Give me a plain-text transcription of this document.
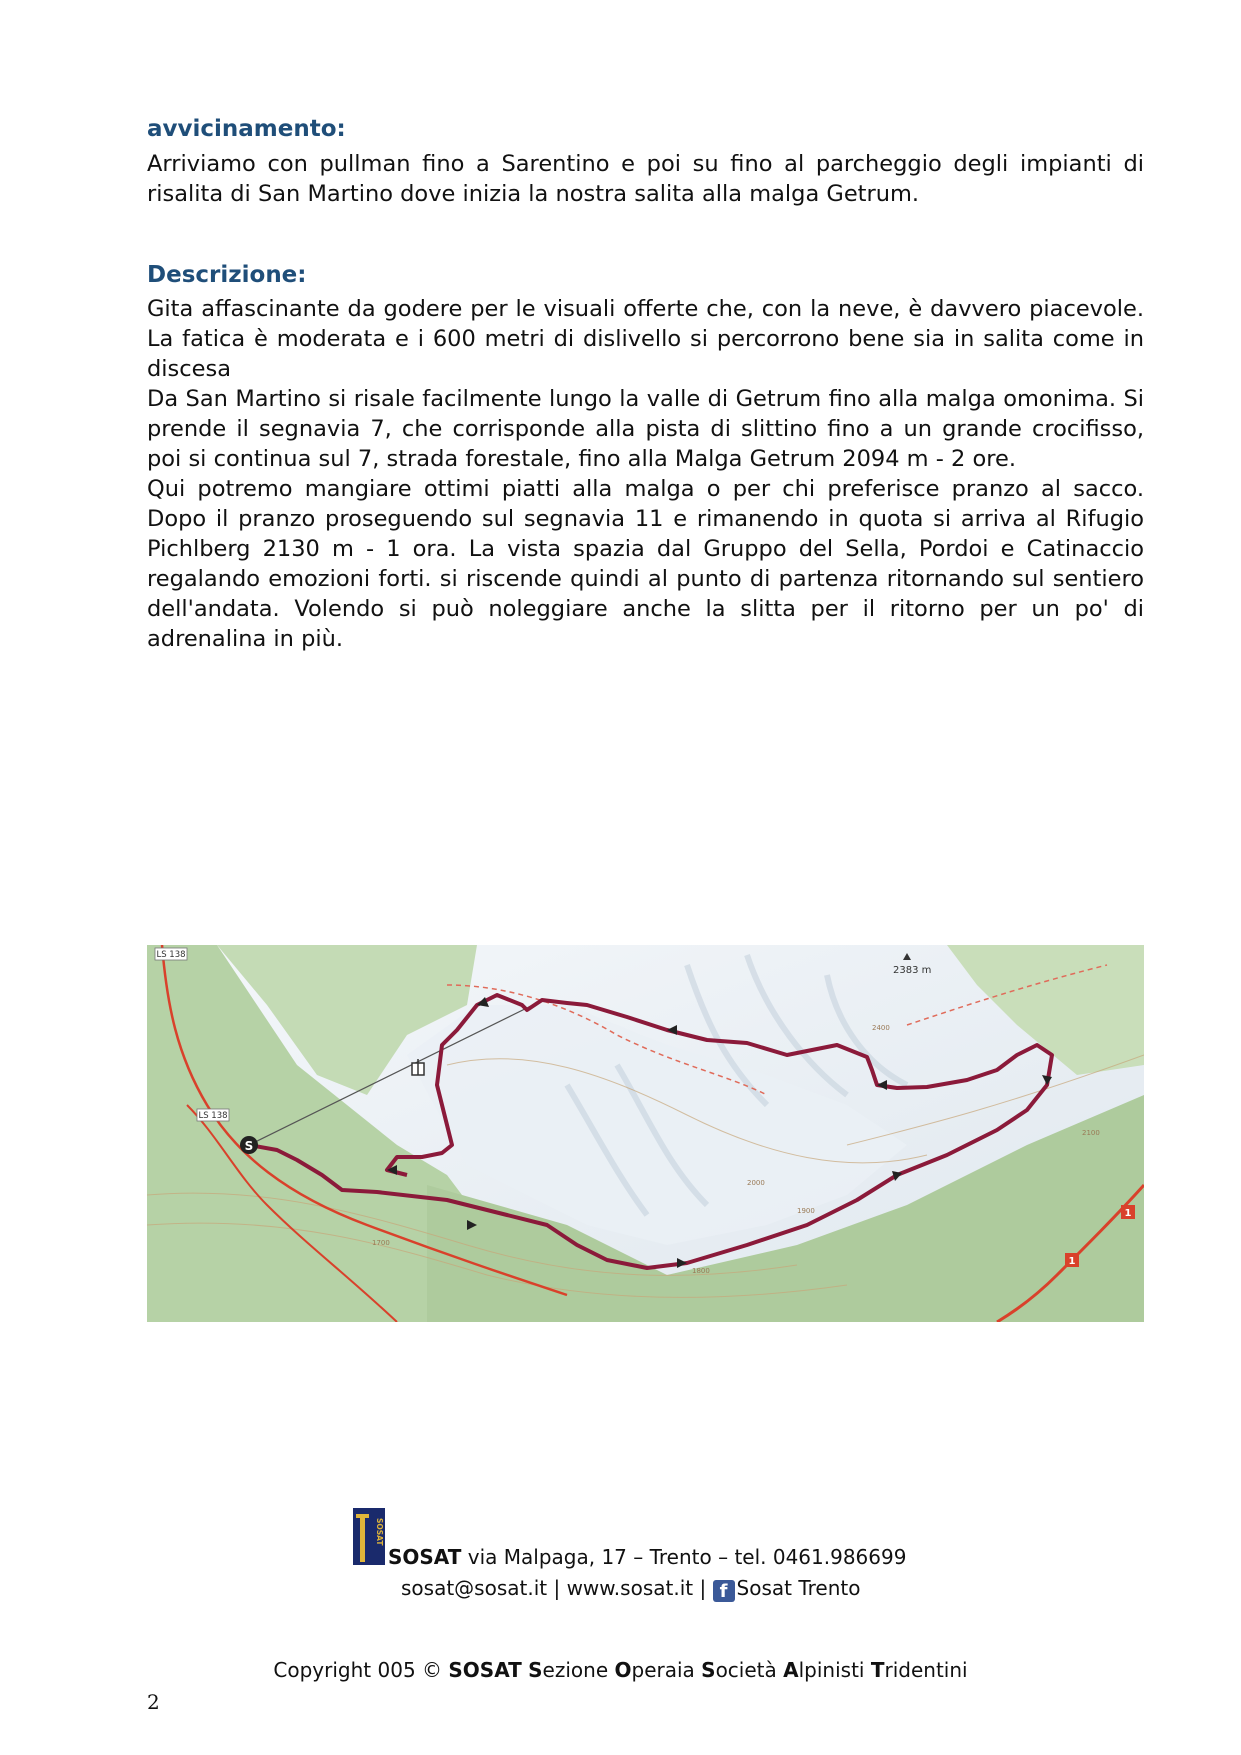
avvicinamento:

Arriviamo con pullman fino a Sarentino e poi su fino al parcheggio degli impianti di risalita di San Martino dove inizia la nostra salita alla malga Getrum.

Descrizione:

Gita affascinante da godere per le visuali offerte che, con la neve, è davvero piacevole. La fatica è moderata e i 600 metri di dislivello si percorrono bene sia in salita come in discesa

Da San Martino si risale facilmente lungo la valle di Getrum fino alla malga omonima. Si prende il segnavia 7, che corrisponde alla pista di slittino fino a un grande crocifisso, poi si continua sul 7, strada forestale, fino alla Malga Getrum 2094 m - 2 ore.

Qui potremo mangiare ottimi piatti alla malga o per chi preferisce pranzo al sacco. Dopo il pranzo proseguendo sul segnavia 11 e rimanendo in quota si arriva al Rifugio Pichlberg 2130 m - 1 ora. La vista spazia dal Gruppo del Sella, Pordoi e Catinaccio regalando emozioni forti. si riscende quindi al punto di partenza ritornando sul sentiero dell'andata. Volendo si può noleggiare anche la slitta per il ritorno per un po' di adrenalina in più.

S
2383 m
LS 138
LS 138
1
1
1700
1900
2000
2100
2400
1800
SOSAT
SOSAT via Malpaga, 17 – Trento – tel. 0461.986699
sosat@sosat.it | www.sosat.it | f Sosat Trento
Copyright 005 © SOSAT Sezione Operaia Società Alpinisti Tridentini
2
